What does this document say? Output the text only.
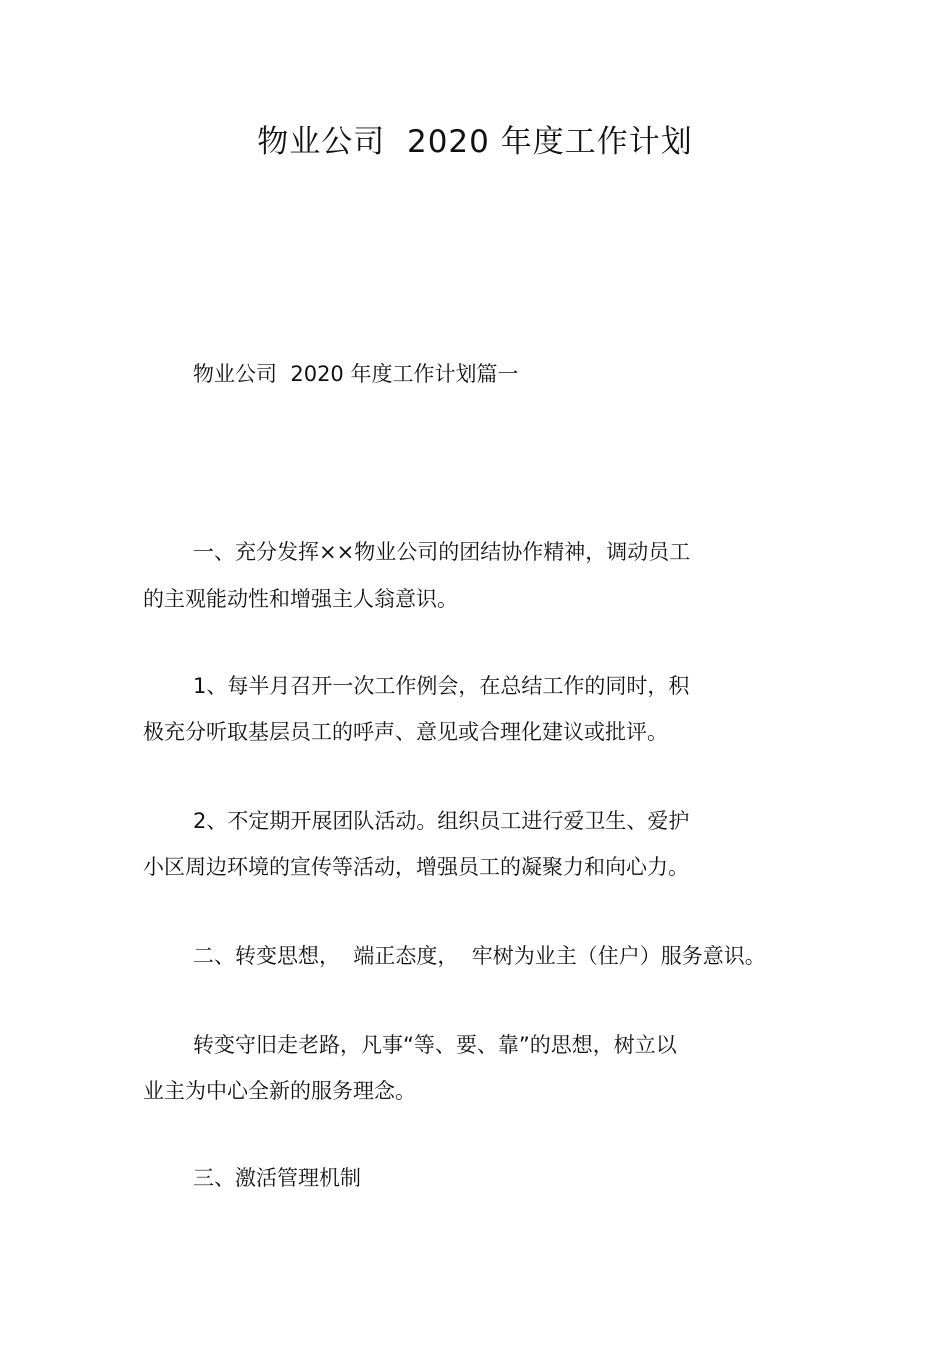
物业公司  2020 年度工作计划
物业公司  2020 年度工作计划篇一
一、充分发挥××物业公司的团结协作精神，调动员工
的主观能动性和增强主人翁意识。
1、每半月召开一次工作例会，在总结工作的同时，积
极充分听取基层员工的呼声、意见或合理化建议或批评。
2、不定期开展团队活动。组织员工进行爱卫生、爱护
小区周边环境的宣传等活动，增强员工的凝聚力和向心力。
二、转变思想，  端正态度，  牢树为业主（住户）服务意识。
转变守旧走老路，凡事“等、要、靠”的思想，树立以
业主为中心全新的服务理念。
三、激活管理机制
